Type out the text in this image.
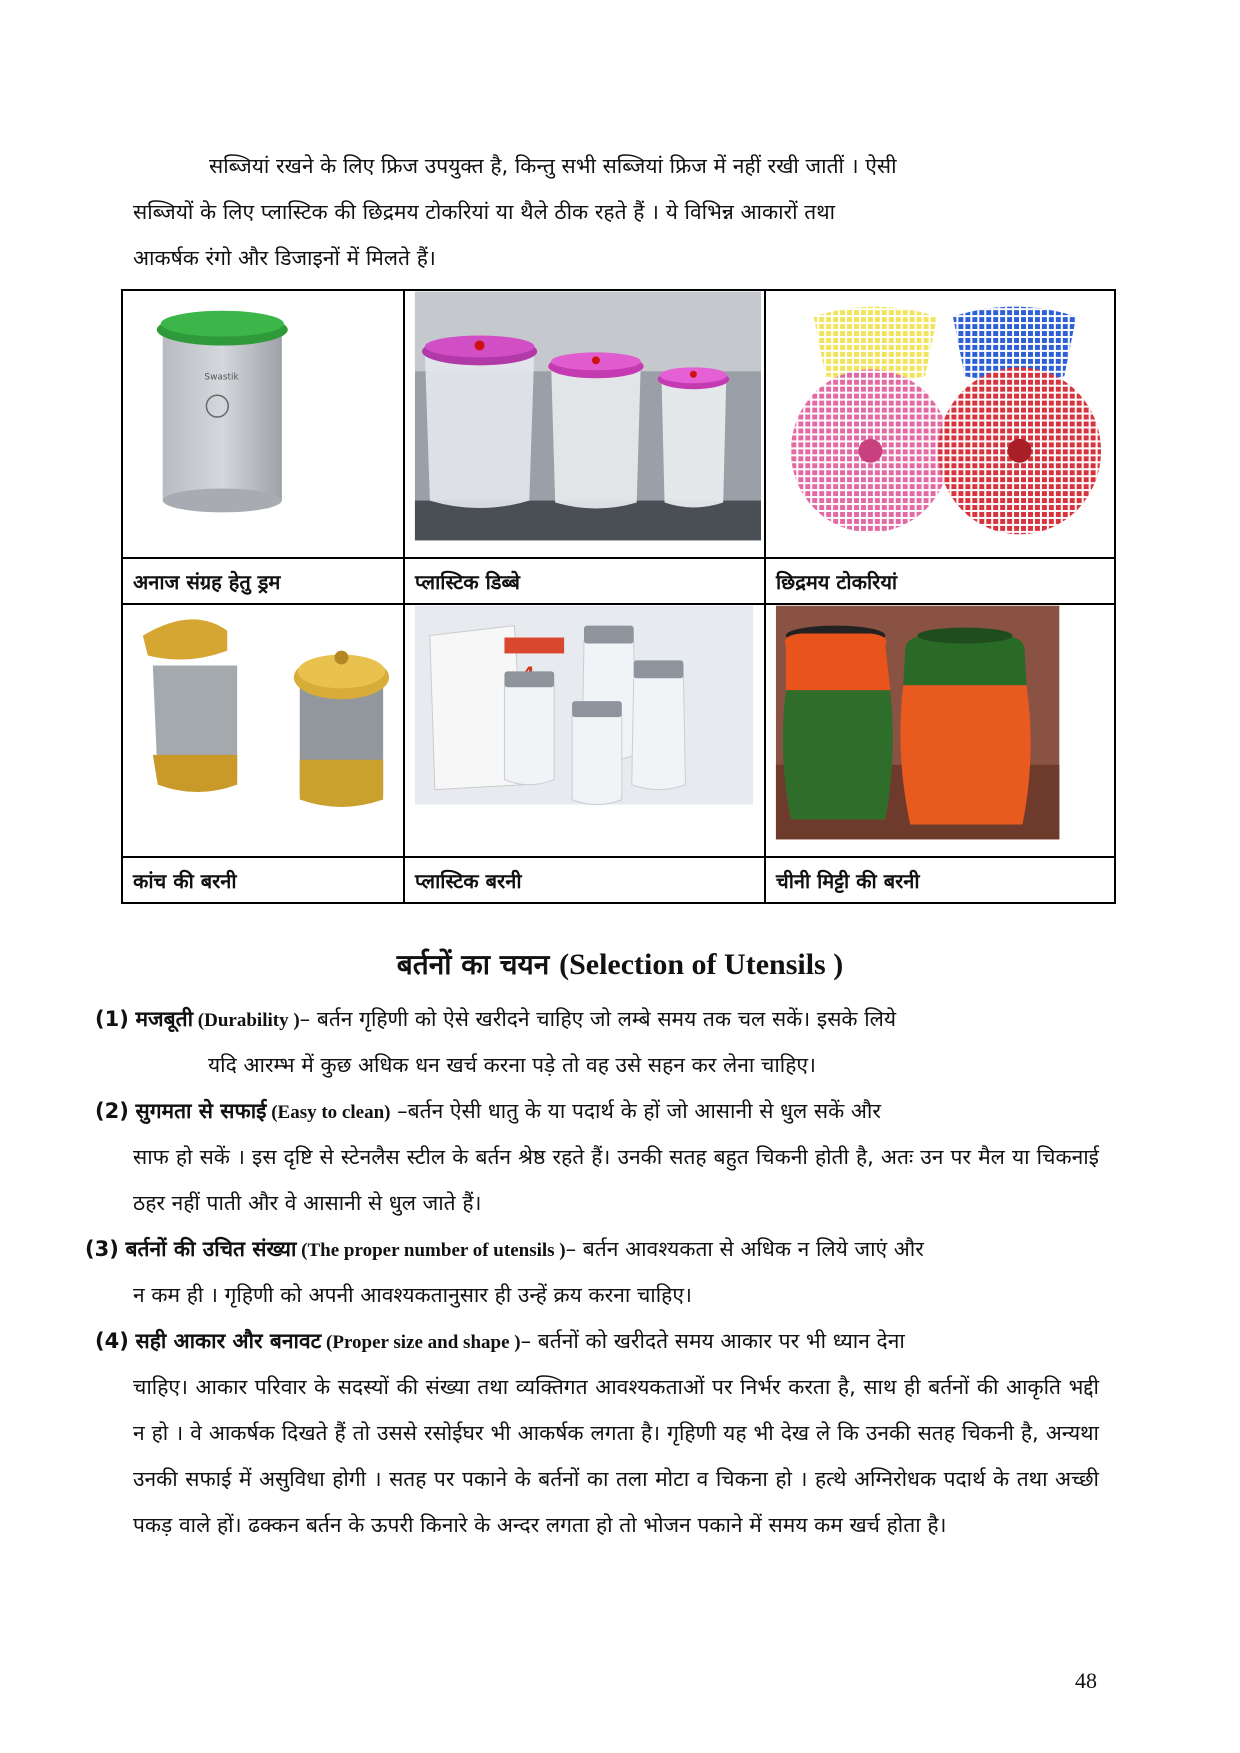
सब्जियां रखने के लिए फ्रिज उपयुक्त है, किन्तु सभी सब्जियां फ्रिज में नहीं रखी जातीं । ऐसी
सब्जियों के लिए प्लास्टिक की छिद्रमय टोकरियां या थैले ठीक रहते हैं । ये विभिन्न आकारों तथा
आकर्षक रंगो और डिजाइनों में मिलते हैं।
Swastik

अनाज संग्रह हेतु ड्रम	प्लास्टिक डिब्बे	छिद्रमय टोकरियां

कांच की बरनी	प्लास्टिक बरनी	चीनी मिट्टी की बरनी
बर्तनों का चयन (Selection of Utensils )
(1) मजबूती (Durability )– बर्तन गृहिणी को ऐसे खरीदने चाहिए जो लम्बे समय तक चल सकें। इसके लिये
यदि आरम्भ में कुछ अधिक धन खर्च करना पड़े तो वह उसे सहन कर लेना चाहिए।
(2) सुगमता से सफाई (Easy to clean) –बर्तन ऐसी धातु के या पदार्थ के हों जो आसानी से धुल सकें और
साफ हो सकें । इस दृष्टि से स्टेनलैस स्टील के बर्तन श्रेष्ठ रहते हैं। उनकी सतह बहुत चिकनी होती है, अतः उन पर मैल या चिकनाई ठहर नहीं पाती और वे आसानी से धुल जाते हैं।
(3) बर्तनों की उचित संख्या (The proper number of utensils )– बर्तन आवश्यकता से अधिक न लिये जाएं और
न कम ही । गृहिणी को अपनी आवश्यकतानुसार ही उन्हें क्रय करना चाहिए।
(4) सही आकार और बनावट (Proper size and shape )– बर्तनों को खरीदते समय आकार पर भी ध्यान देना
चाहिए। आकार परिवार के सदस्यों की संख्या तथा व्यक्तिगत आवश्यकताओं पर निर्भर करता है, साथ ही बर्तनों की आकृति भद्दी न हो । वे आकर्षक दिखते हैं तो उससे रसोईघर भी आकर्षक लगता है। गृहिणी यह भी देख ले कि उनकी सतह चिकनी है, अन्यथा उनकी सफाई में असुविधा होगी । सतह पर पकाने के बर्तनों का तला मोटा व चिकना हो । हत्थे अग्निरोधक पदार्थ के तथा अच्छी पकड़ वाले हों। ढक्कन बर्तन के ऊपरी किनारे के अन्दर लगता हो तो भोजन पकाने में समय कम खर्च होता है।
48
